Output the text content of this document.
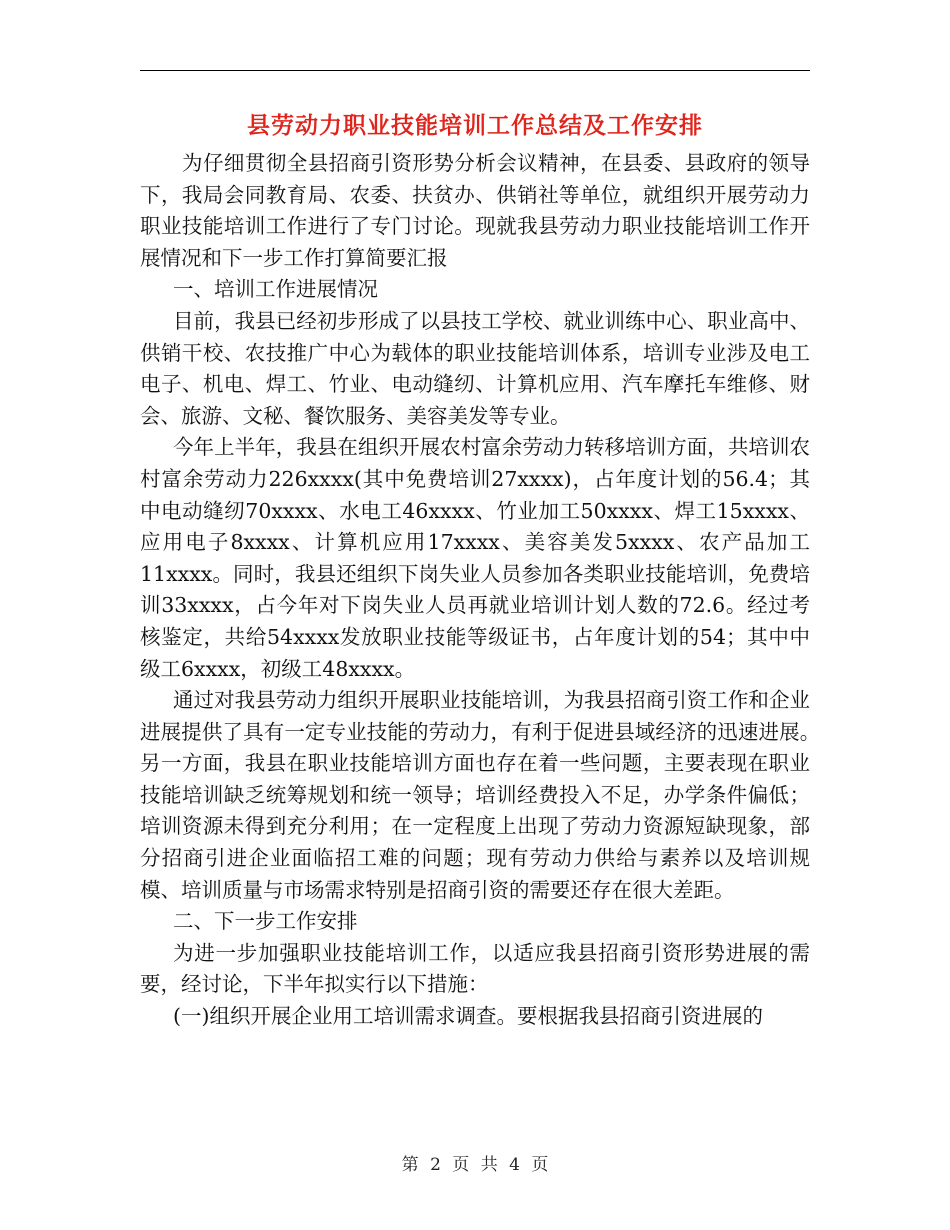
县劳动力职业技能培训工作总结及工作安排

为仔细贯彻全县招商引资形势分析会议精神，在县委、县政府的领导下，我局会同教育局、农委、扶贫办、供销社等单位，就组织开展劳动力职业技能培训工作进行了专门讨论。现就我县劳动力职业技能培训工作开展情况和下一步工作打算简要汇报

一、培训工作进展情况

目前，我县已经初步形成了以县技工学校、就业训练中心、职业高中、供销干校、农技推广中心为载体的职业技能培训体系，培训专业涉及电工电子、机电、焊工、竹业、电动缝纫、计算机应用、汽车摩托车维修、财会、旅游、文秘、餐饮服务、美容美发等专业。

今年上半年，我县在组织开展农村富余劳动力转移培训方面，共培训农村富余劳动力226xxxx(其中免费培训27xxxx)，占年度计划的56.4；其中电动缝纫70xxxx、水电工46xxxx、竹业加工50xxxx、焊工15xxxx、应用电子8xxxx、计算机应用17xxxx、美容美发5xxxx、农产品加工11xxxx。同时，我县还组织下岗失业人员参加各类职业技能培训，免费培训33xxxx，占今年对下岗失业人员再就业培训计划人数的72.6。经过考核鉴定，共给54xxxx发放职业技能等级证书，占年度计划的54；其中中级工6xxxx，初级工48xxxx。

通过对我县劳动力组织开展职业技能培训，为我县招商引资工作和企业进展提供了具有一定专业技能的劳动力，有利于促进县域经济的迅速进展。　　另一方面，我县在职业技能培训方面也存在着一些问题，主要表现在职业技能培训缺乏统筹规划和统一领导；培训经费投入不足，办学条件偏低；培训资源未得到充分利用；在一定程度上出现了劳动力资源短缺现象，部分招商引进企业面临招工难的问题；现有劳动力供给与素养以及培训规模、培训质量与市场需求特别是招商引资的需要还存在很大差距。

二、下一步工作安排

为进一步加强职业技能培训工作，以适应我县招商引资形势进展的需要，经讨论，下半年拟实行以下措施：

(一)组织开展企业用工培训需求调查。要根据我县招商引资进展的

第 2 页 共 4 页
